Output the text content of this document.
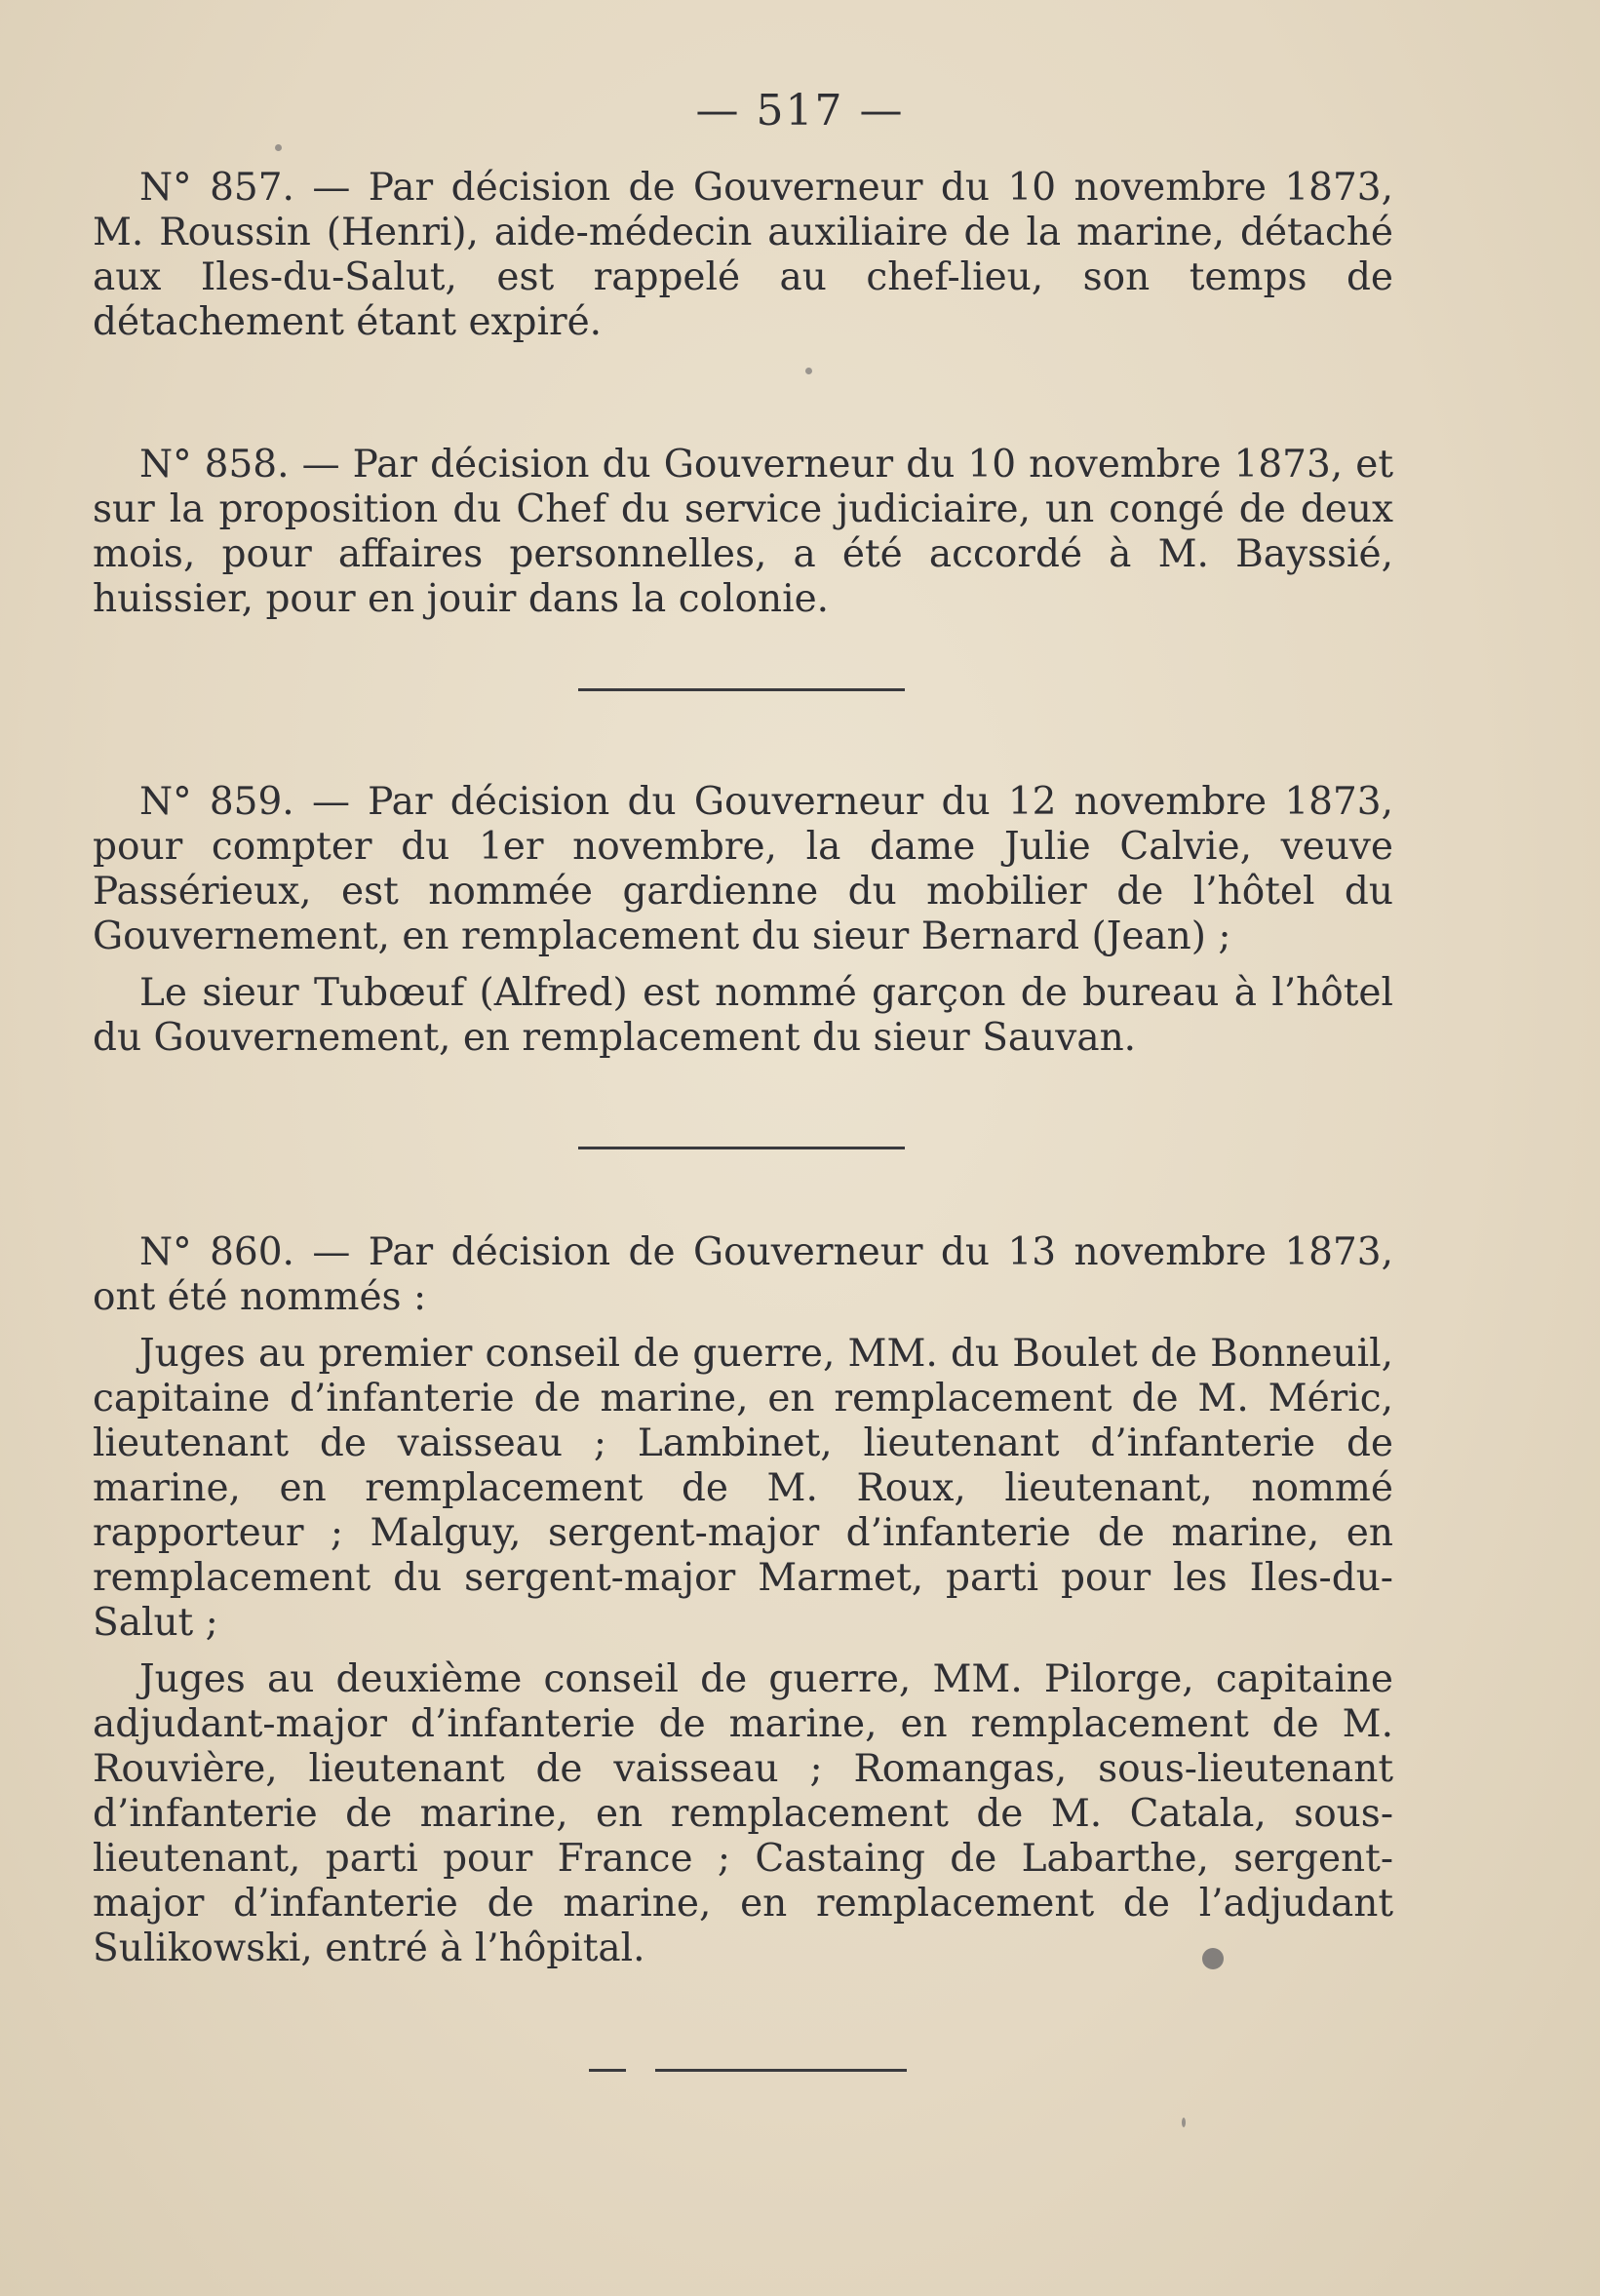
— 517 —

N° 857. — Par décision de Gouverneur du 10 novembre 1873, M. Roussin (Henri), aide-médecin auxiliaire de la marine, détaché aux Iles-du-Salut, est rappelé au chef-lieu, son temps de détachement étant expiré.

N° 858. — Par décision du Gouverneur du 10 novembre 1873, et sur la proposition du Chef du service judiciaire, un congé de deux mois, pour affaires personnelles, a été accordé à M. Bayssié, huissier, pour en jouir dans la colonie.

N° 859. — Par décision du Gouverneur du 12 novembre 1873, pour compter du 1er novembre, la dame Julie Calvie, veuve Passérieux, est nommée gardienne du mobilier de l’hôtel du Gouvernement, en remplacement du sieur Bernard (Jean) ;

Le sieur Tubœuf (Alfred) est nommé garçon de bureau à l’hôtel du Gouvernement, en remplacement du sieur Sauvan.

N° 860. — Par décision de Gouverneur du 13 novembre 1873, ont été nommés :

Juges au premier conseil de guerre, MM. du Boulet de Bonneuil, capitaine d’infanterie de marine, en remplacement de M. Méric, lieutenant de vaisseau ; Lambinet, lieutenant d’infanterie de marine, en remplacement de M. Roux, lieutenant, nommé rapporteur ; Malguy, sergent-major d’infanterie de marine, en remplacement du sergent-major Marmet, parti pour les Iles-du-Salut ;

Juges au deuxième conseil de guerre, MM. Pilorge, capitaine adjudant-major d’infanterie de marine, en remplacement de M. Rouvière, lieutenant de vaisseau ; Romangas, sous-lieutenant d’infanterie de marine, en remplacement de M. Catala, sous-lieutenant, parti pour France ; Castaing de Labarthe, sergent-major d’infanterie de marine, en remplacement de l’adjudant Sulikowski, entré à l’hôpital.
